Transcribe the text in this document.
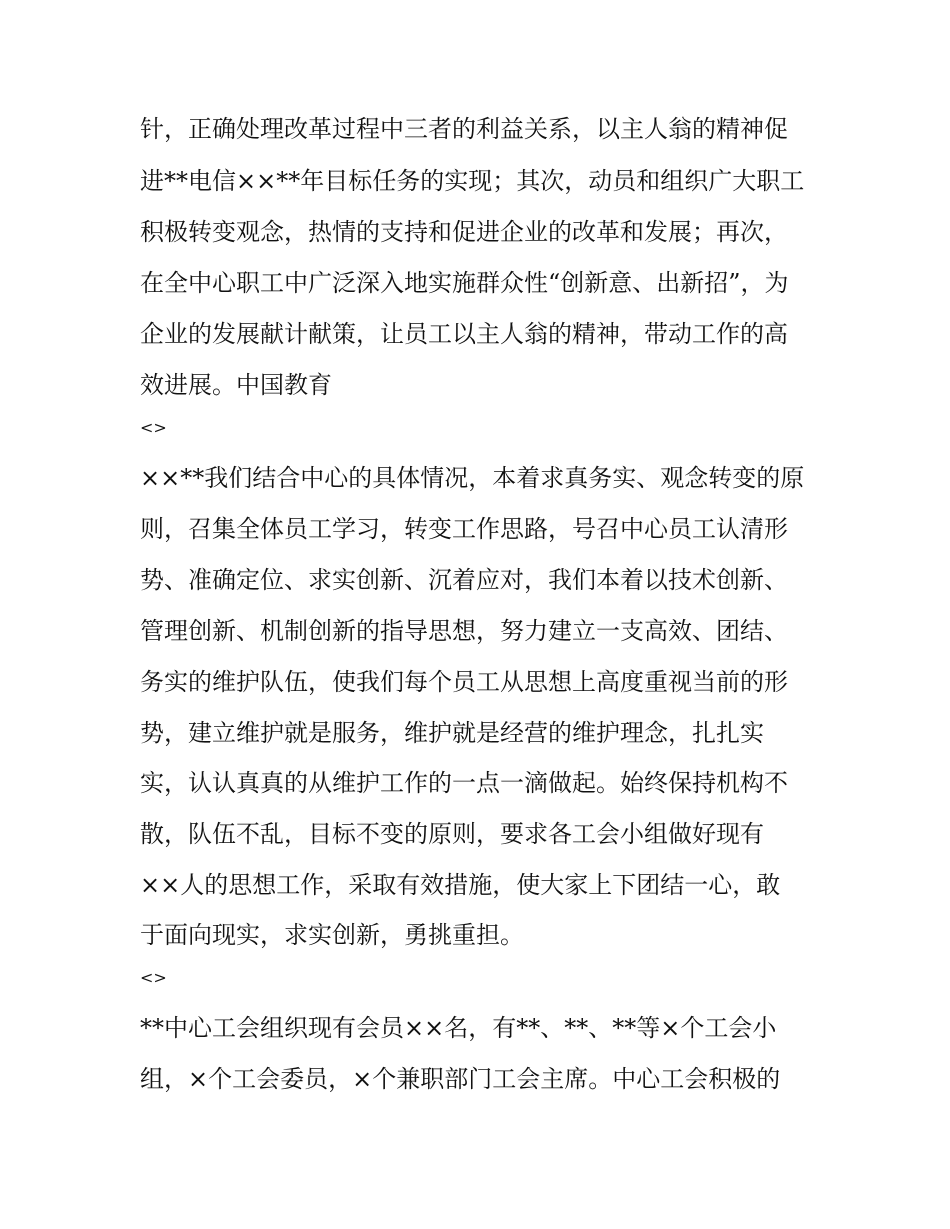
针，正确处理改革过程中三者的利益关系，以主人翁的精神促
进**电信××**年目标任务的实现；其次，动员和组织广大职工
积极转变观念，热情的支持和促进企业的改革和发展；再次，
在全中心职工中广泛深入地实施群众性“创新意、出新招”，为
企业的发展献计献策，让员工以主人翁的精神，带动工作的高
效进展。中国教育
<>
××**我们结合中心的具体情况，本着求真务实、观念转变的原
则，召集全体员工学习，转变工作思路，号召中心员工认清形
势、准确定位、求实创新、沉着应对，我们本着以技术创新、
管理创新、机制创新的指导思想，努力建立一支高效、团结、
务实的维护队伍，使我们每个员工从思想上高度重视当前的形
势，建立维护就是服务，维护就是经营的维护理念，扎扎实
实，认认真真的从维护工作的一点一滴做起。始终保持机构不
散，队伍不乱，目标不变的原则，要求各工会小组做好现有
××人的思想工作，采取有效措施，使大家上下团结一心，敢
于面向现实，求实创新，勇挑重担。
<>
**中心工会组织现有会员××名，有**、**、**等×个工会小
组，×个工会委员，×个兼职部门工会主席。中心工会积极的
